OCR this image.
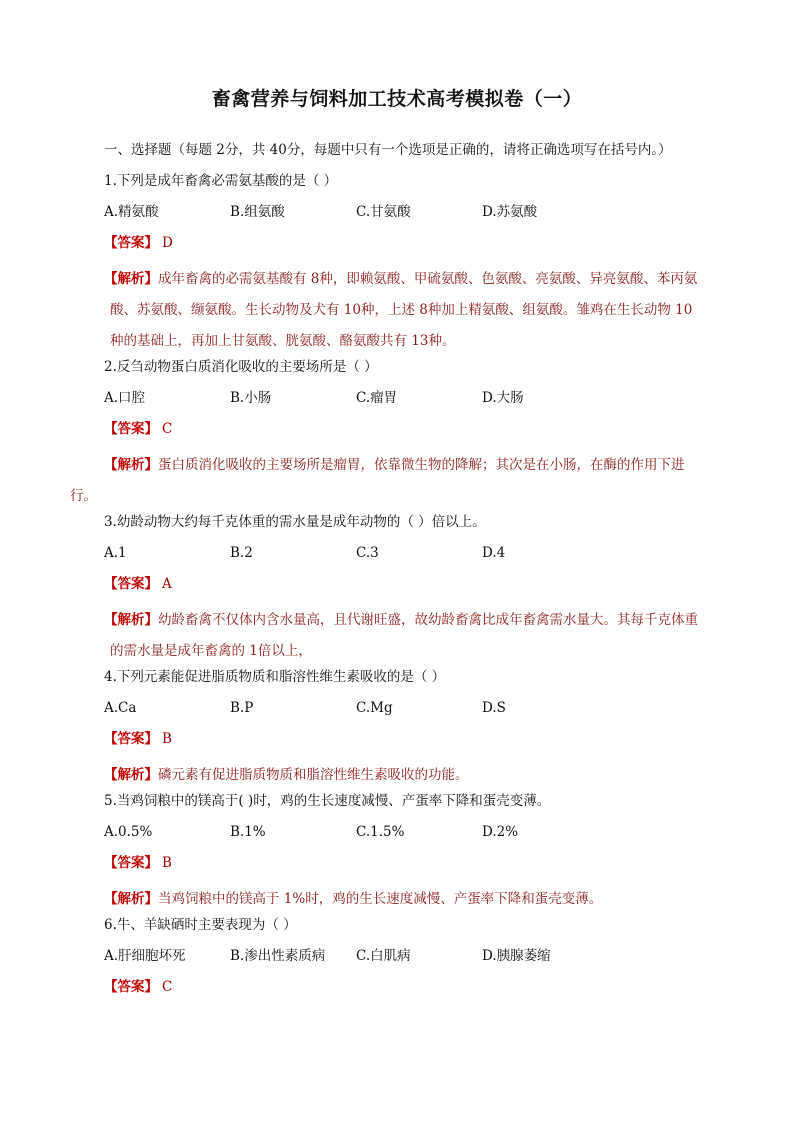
畜禽营养与饲料加工技术高考模拟卷（一）
一、选择题（每题 2分，共 40分，每题中只有一个选项是正确的，请将正确选项写在括号内。）
1.下列是成年畜禽必需氨基酸的是（ ）
A.精氨酸	B.组氨酸	C.甘氨酸	D.苏氨酸
【答案】 D
【解析】成年畜禽的必需氨基酸有 8种，即赖氨酸、甲硫氨酸、色氨酸、亮氨酸、异亮氨酸、苯丙氨
酸、苏氨酸、缬氨酸。生长动物及犬有 10种，上述 8种加上精氨酸、组氨酸。雏鸡在生长动物 10
种的基础上，再加上甘氨酸、胱氨酸、酪氨酸共有 13种。
2.反刍动物蛋白质消化吸收的主要场所是（ ）
A.口腔	B.小肠	C.瘤胃	D.大肠
【答案】 C
【解析】蛋白质消化吸收的主要场所是瘤胃，依靠微生物的降解；其次是在小肠，在酶的作用下进
行。
3.幼龄动物大约每千克体重的需水量是成年动物的（ ）倍以上。
A.1	B.2	C.3	D.4
【答案】 A
【解析】幼龄畜禽不仅体内含水量高，且代谢旺盛，故幼龄畜禽比成年畜禽需水量大。其每千克体重
的需水量是成年畜禽的 1倍以上，
4.下列元素能促进脂质物质和脂溶性维生素吸收的是（ ）
A.Ca	B.P	C.Mg	D.S
【答案】 B
【解析】磷元素有促进脂质物质和脂溶性维生素吸收的功能。
5.当鸡饲粮中的镁高于( )时，鸡的生长速度减慢、产蛋率下降和蛋壳变薄。
A.0.5%	B.1%	C.1.5%	D.2%
【答案】 B
【解析】当鸡饲粮中的镁高于 1%时，鸡的生长速度减慢、产蛋率下降和蛋壳变薄。
6.牛、羊缺硒时主要表现为（ ）
A.肝细胞坏死	B.渗出性素质病	C.白肌病	D.胰腺萎缩
【答案】 C
